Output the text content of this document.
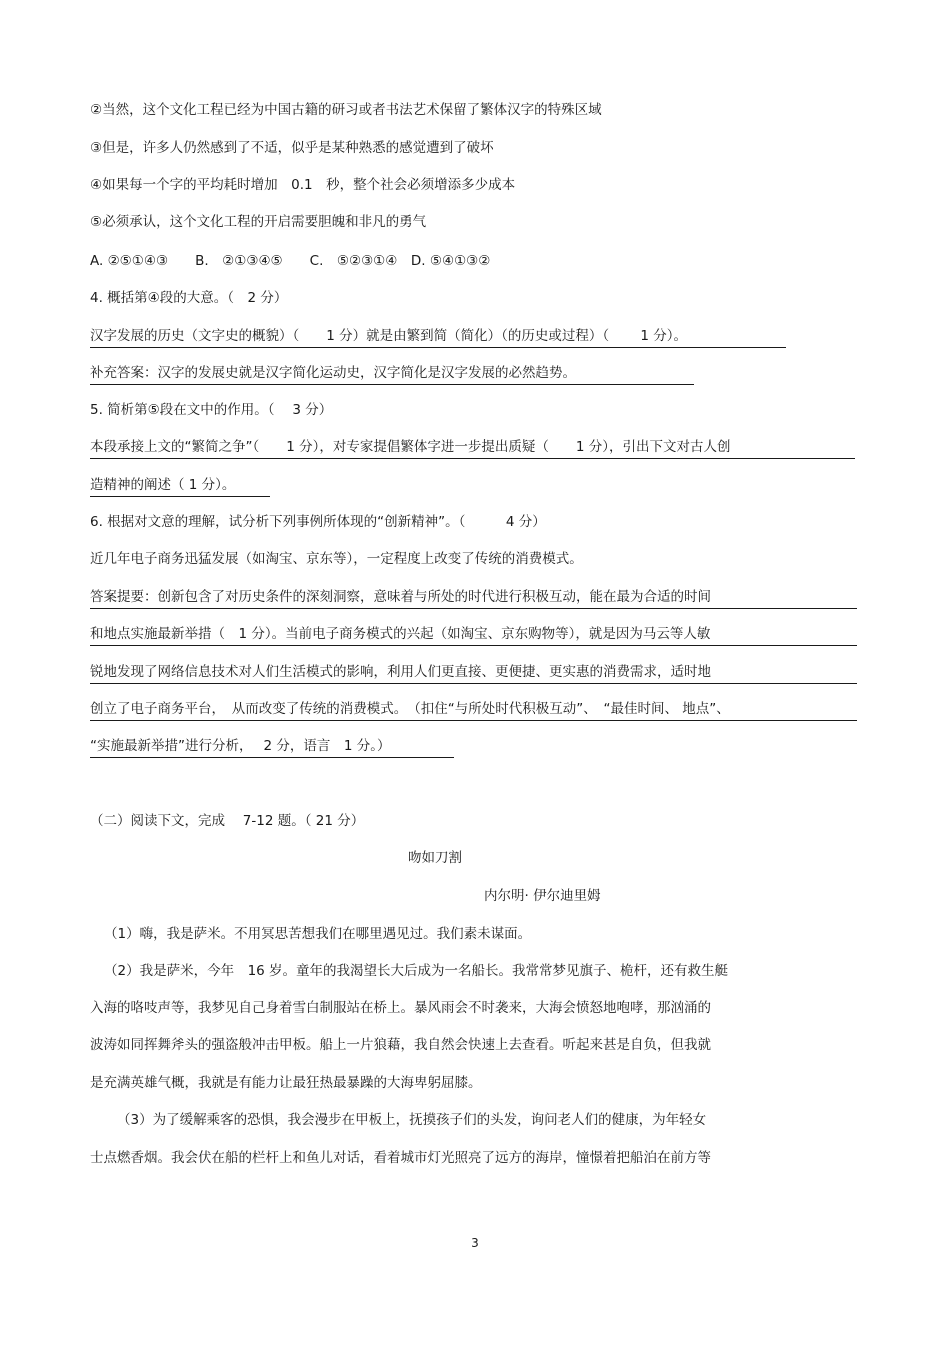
②当然，这个文化工程已经为中国古籍的研习或者书法艺术保留了繁体汉字的特殊区域
③但是，许多人仍然感到了不适，似乎是某种熟悉的感觉遭到了破坏
④如果每一个字的平均耗时增加　0.1　秒，整个社会必须增添多少成本
⑤必须承认，这个文化工程的开启需要胆魄和非凡的勇气
A. ②⑤①④③　　B.　②①③④⑤　　C.　⑤②③①④　D. ⑤④①③②
4. 概括第④段的大意。（　2 分）
汉字发展的历史（文字史的概貌）（　　1 分）就是由繁到简（简化）（的历史或过程）（　　 1 分）。
补充答案：汉字的发展史就是汉字简化运动史，汉字简化是汉字发展的必然趋势。
5. 简析第⑤段在文中的作用。（　 3 分）
本段承接上文的“繁简之争”（　　1 分），对专家提倡繁体字进一步提出质疑（　　1 分），引出下文对古人创
造精神的阐述（ 1 分）。
6. 根据对文意的理解，试分析下列事例所体现的“创新精神”。（　　　4 分）
近几年电子商务迅猛发展（如淘宝、京东等），一定程度上改变了传统的消费模式。
答案提要：创新包含了对历史条件的深刻洞察，意味着与所处的时代进行积极互动，能在最为合适的时间
和地点实施最新举措（　1 分）。当前电子商务模式的兴起（如淘宝、京东购物等），就是因为马云等人敏
锐地发现了网络信息技术对人们生活模式的影响，利用人们更直接、更便捷、更实惠的消费需求，适时地
创立了电子商务平台，　从而改变了传统的消费模式。　（扣住“与所处时代积极互动”、　“最佳时间、 地点”、
“实施最新举措”进行分析，　 2 分，语言　1 分。）
（二）阅读下文，完成　 7-12 题。（ 21 分）
吻如刀割
内尔明· 伊尔迪里姆
（1）嗨，我是萨米。不用冥思苦想我们在哪里遇见过。我们素未谋面。
（2）我是萨米，今年　16 岁。童年的我渴望长大后成为一名船长。我常常梦见旗子、桅杆，还有救生艇
入海的咯吱声等，我梦见自己身着雪白制服站在桥上。暴风雨会不时袭来，大海会愤怒地咆哮，那汹涌的
波涛如同挥舞斧头的强盗般冲击甲板。船上一片狼藉，我自然会快速上去查看。听起来甚是自负，但我就
是充满英雄气概，我就是有能力让最狂热最暴躁的大海卑躬屈膝。
（3）为了缓解乘客的恐惧，我会漫步在甲板上，抚摸孩子们的头发，询问老人们的健康，为年轻女
士点燃香烟。我会伏在船的栏杆上和鱼儿对话，看着城市灯光照亮了远方的海岸，憧憬着把船泊在前方等
3
